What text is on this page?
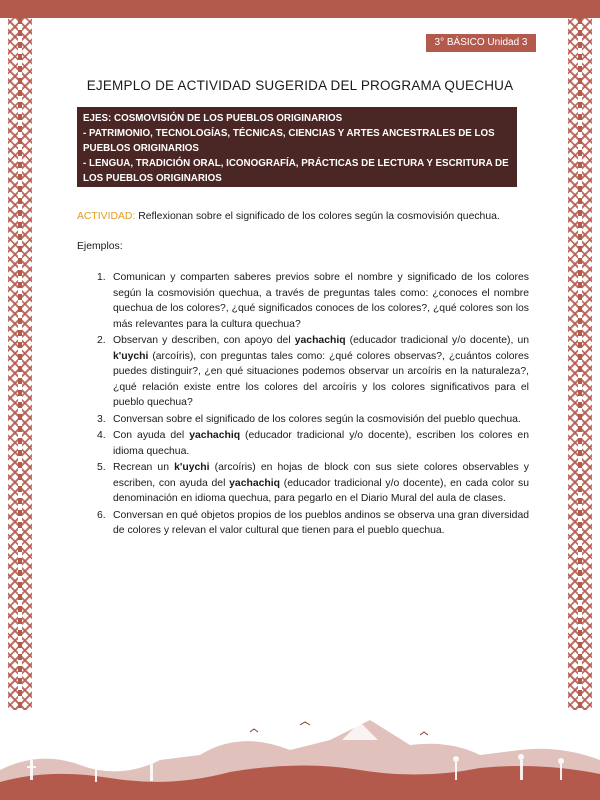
3° BÁSICO Unidad 3
EJEMPLO DE ACTIVIDAD SUGERIDA DEL PROGRAMA QUECHUA
EJES: COSMOVISIÓN DE LOS PUEBLOS ORIGINARIOS
- PATRIMONIO, TECNOLOGÍAS, TÉCNICAS, CIENCIAS Y ARTES ANCESTRALES DE LOS PUEBLOS ORIGINARIOS
- LENGUA, TRADICIÓN ORAL, ICONOGRAFÍA, PRÁCTICAS DE LECTURA Y ESCRITURA DE LOS PUEBLOS ORIGINARIOS
ACTIVIDAD: Reflexionan sobre el significado de los colores según la cosmovisión quechua.
Ejemplos:
1. Comunican y comparten saberes previos sobre el nombre y significado de los colores según la cosmovisión quechua, a través de preguntas tales como: ¿conoces el nombre quechua de los colores?, ¿qué significados conoces de los colores?, ¿qué colores son los más relevantes para la cultura quechua?
2. Observan y describen, con apoyo del yachachiq (educador tradicional y/o docente), un k'uychi (arcoíris), con preguntas tales como: ¿qué colores observas?, ¿cuántos colores puedes distinguir?, ¿en qué situaciones podemos observar un arcoíris en la naturaleza?, ¿qué relación existe entre los colores del arcoíris y los colores significativos para el pueblo quechua?
3. Conversan sobre el significado de los colores según la cosmovisión del pueblo quechua.
4. Con ayuda del yachachiq (educador tradicional y/o docente), escriben los colores en idioma quechua.
5. Recrean un k'uychi (arcoíris) en hojas de block con sus siete colores observables y escriben, con ayuda del yachachiq (educador tradicional y/o docente), en cada color su denominación en idioma quechua, para pegarlo en el Diario Mural del aula de clases.
6. Conversan en qué objetos propios de los pueblos andinos se observa una gran diversidad de colores y relevan el valor cultural que tienen para el pueblo quechua.
